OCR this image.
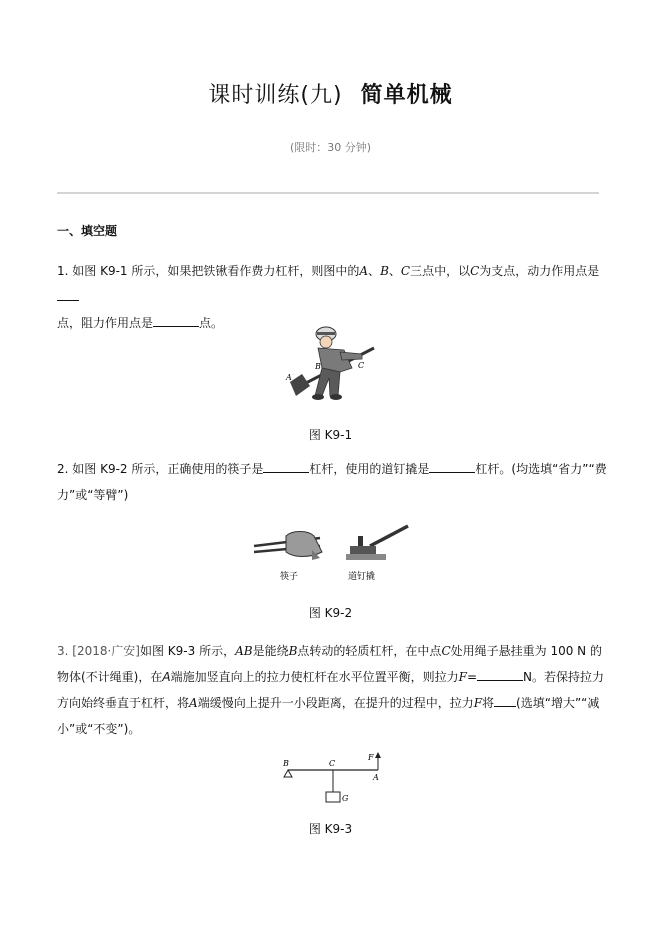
课时训练(九) 简单机械
(限时：30 分钟)
一、填空题
1. 如图 K9-1 所示，如果把铁锹看作费力杠杆，则图中的A、B、C三点中，以C为支点，动力作用点是
点，阻力作用点是	点。
A
B	C
图 K9-1
2. 如图 K9-2 所示，正确使用的筷子是	杠杆，使用的道钉撬是	杠杆。(均选填“省力”“费力”或“等臂”)
筷子	道钉撬
图 K9-2
3. [2018·广安]如图 K9-3 所示，AB是能绕B点转动的轻质杠杆，在中点C处用绳子悬挂重为 100 N 的物体(不计绳重)，在A端施加竖直向上的拉力使杠杆在水平位置平衡，则拉力F=	N。若保持拉力方向始终垂直于杠杆，将A端缓慢向上提升一小段距离，在提升的过程中，拉力F将 (选填“增大”“减小”或“不变”)。
B	C
A
F
G
图 K9-3
